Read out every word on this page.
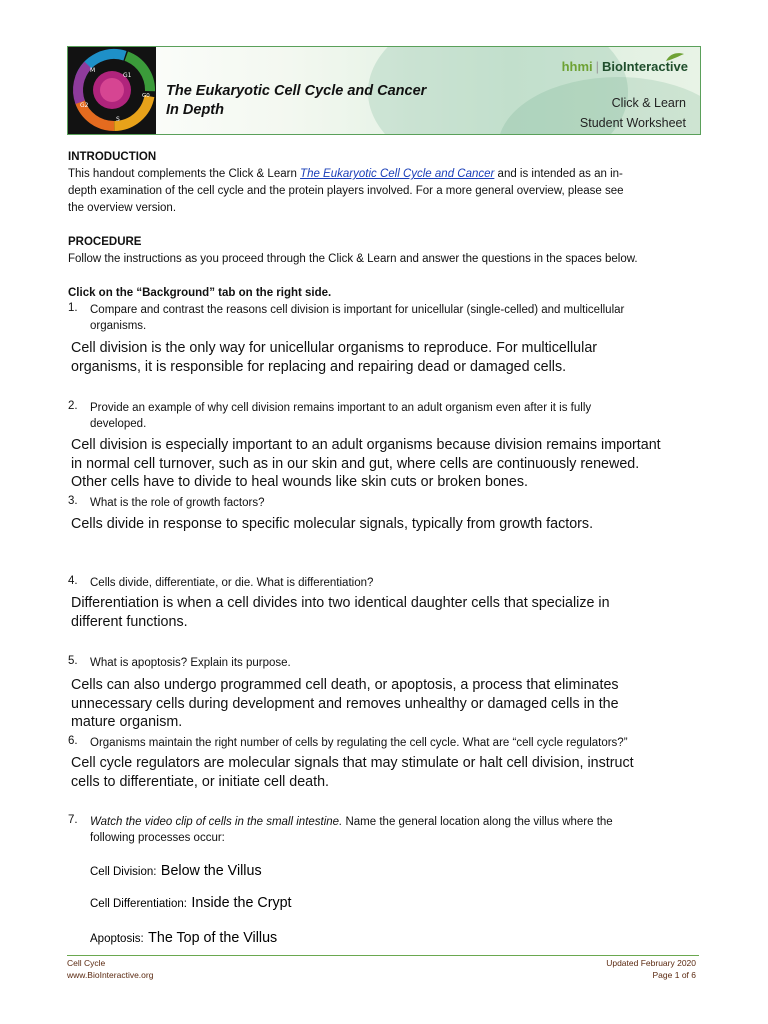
M
G1
G0
G2
S
The Eukaryotic Cell Cycle and Cancer
In Depth
hhmi | BioInteractive
Click & Learn
Student Worksheet
INTRODUCTION
This handout complements the Click & Learn The Eukaryotic Cell Cycle and Cancer and is intended as an in-
depth examination of the cell cycle and the protein players involved. For a more general overview, please see
the overview version.
PROCEDURE
Follow the instructions as you proceed through the Click & Learn and answer the questions in the spaces below.
Click on the “Background” tab on the right side.
1. Compare and contrast the reasons cell division is important for unicellular (single-celled) and multicellular
organisms.
Cell division is the only way for unicellular organisms to reproduce. For multicellular
organisms, it is responsible for replacing and repairing dead or damaged cells.
2. Provide an example of why cell division remains important to an adult organism even after it is fully
developed.
Cell division is especially important to an adult organisms because division remains important
in normal cell turnover, such as in our skin and gut, where cells are continuously renewed.
Other cells have to divide to heal wounds like skin cuts or broken bones.
3. What is the role of growth factors?
Cells divide in response to specific molecular signals, typically from growth factors.
4. Cells divide, differentiate, or die. What is differentiation?
Differentiation is when a cell divides into two identical daughter cells that specialize in
different functions.
5. What is apoptosis? Explain its purpose.
Cells can also undergo programmed cell death, or apoptosis, a process that eliminates
unnecessary cells during development and removes unhealthy or damaged cells in the
mature organism.
6. Organisms maintain the right number of cells by regulating the cell cycle. What are “cell cycle regulators?”
Cell cycle regulators are molecular signals that may stimulate or halt cell division, instruct
cells to differentiate, or initiate cell death.
7. Watch the video clip of cells in the small intestine. Name the general location along the villus where the
following processes occur:
Cell Division: Below the Villus
Cell Differentiation: Inside the Crypt
Apoptosis: The Top of the Villus
Cell Cycle
www.BioInteractive.org
Updated February 2020
Page 1 of 6
